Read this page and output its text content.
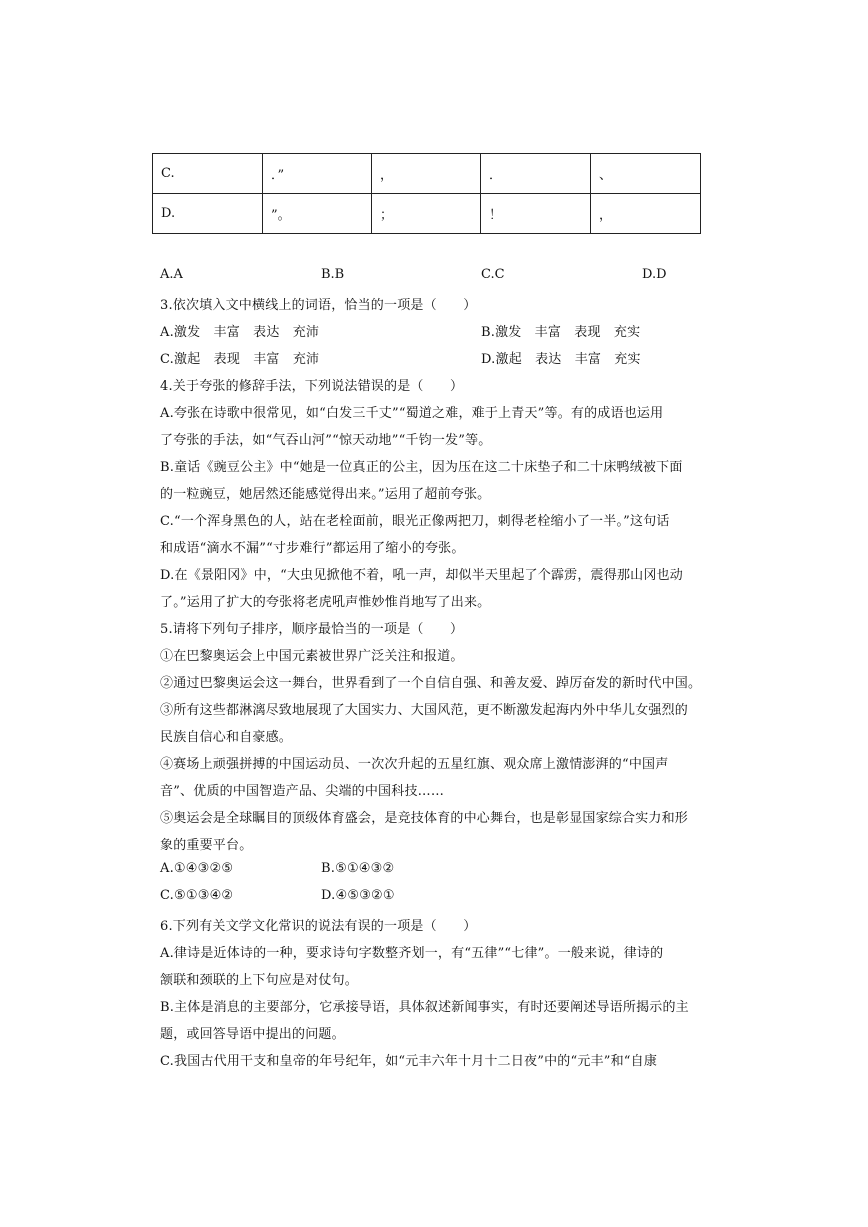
C.	．”	，	．	、
D.	”。	；	！	，
A.A	B.B	C.C	D.D
3.依次填入文中横线上的词语，恰当的一项是（　　）
A.激发　丰富　表达　充沛	B.激发　丰富　表现　充实
C.激起　表现　丰富　充沛	D.激起　表达　丰富　充实
4.关于夸张的修辞手法，下列说法错误的是（　　）
A.夸张在诗歌中很常见，如“白发三千丈”“蜀道之难，难于上青天”等。有的成语也运用
了夸张的手法，如“气吞山河”“惊天动地”“千钧一发”等。
B.童话《豌豆公主》中“她是一位真正的公主，因为压在这二十床垫子和二十床鸭绒被下面
的一粒豌豆，她居然还能感觉得出来。”运用了超前夸张。
C.“一个浑身黑色的人，站在老栓面前，眼光正像两把刀，刺得老栓缩小了一半。”这句话
和成语“滴水不漏”“寸步难行”都运用了缩小的夸张。
D.在《景阳冈》中，“大虫见掀他不着，吼一声，却似半天里起了个霹雳，震得那山冈也动
了。”运用了扩大的夸张将老虎吼声惟妙惟肖地写了出来。
5.请将下列句子排序，顺序最恰当的一项是（　　）
①在巴黎奥运会上中国元素被世界广泛关注和报道。
②通过巴黎奥运会这一舞台，世界看到了一个自信自强、和善友爱、踔厉奋发的新时代中国。
③所有这些都淋漓尽致地展现了大国实力、大国风范，更不断激发起海内外中华儿女强烈的
民族自信心和自豪感。
④赛场上顽强拼搏的中国运动员、一次次升起的五星红旗、观众席上激情澎湃的“中国声
音”、优质的中国智造产品、尖端的中国科技……
⑤奥运会是全球瞩目的顶级体育盛会，是竞技体育的中心舞台，也是彰显国家综合实力和形
象的重要平台。
A.①④③②⑤	B.⑤①④③②
C.⑤①③④②	D.④⑤③②①
6.下列有关文学文化常识的说法有误的一项是（　　）
A.律诗是近体诗的一种，要求诗句字数整齐划一，有“五律”“七律”。一般来说，律诗的
颔联和颈联的上下句应是对仗句。
B.主体是消息的主要部分，它承接导语，具体叙述新闻事实，有时还要阐述导语所揭示的主
题，或回答导语中提出的问题。
C.我国古代用干支和皇帝的年号纪年，如“元丰六年十月十二日夜”中的“元丰”和“自康
